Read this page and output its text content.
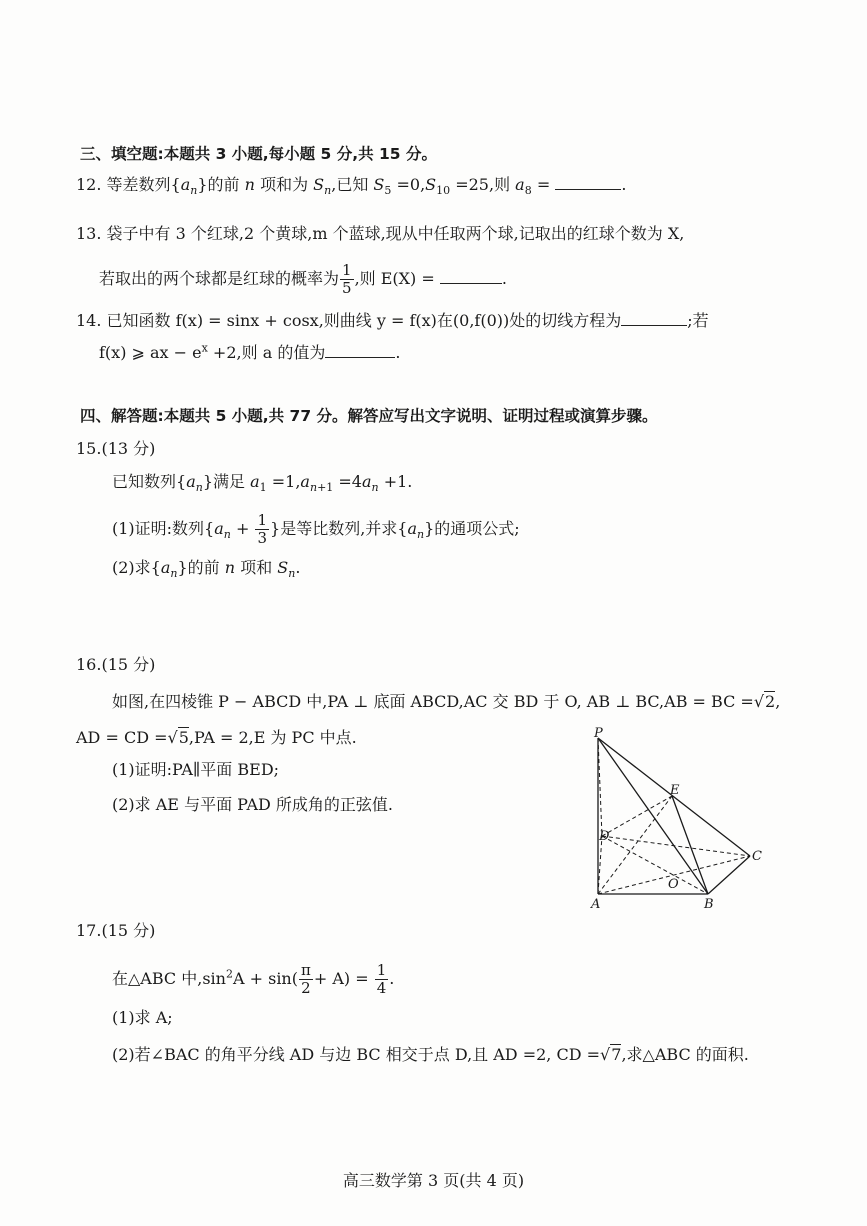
三、填空题:本题共 3 小题,每小题 5 分,共 15 分。
12. 等差数列$\{a_n\}$的前 n 项和为 $S_n$,已知 $S_5 =0,S_{10} =25$,则 $a_8$ =	.
13. 袋子中有 3 个红球,2 个黄球,m 个蓝球,现从中任取两个球,记取出的红球个数为 X,
若取出的两个球都是红球的概率为 $\frac{1}{5}$ ,则 E(X) =	.
14. 已知函数 f(x) = sinx + cosx,则曲线 y = f(x)在(0,f(0))处的切线方程为	;若
f(x) ⩾ ax − $e^x +2$,则 a 的值为	.
四、解答题:本题共 5 小题,共 77 分。解答应写出文字说明、证明过程或演算步骤。
15.(13 分)
已知数列$\{a_n\}$满足 $a_1 =1,a_{n+1} =4a_n +1$.
(1)证明:数列{$a_n + \frac{1}{3}$ }是等比数列,并求$\{a_n\}$的通项公式;
(2)求$\{a_n\}$的前 n 项和 $S_n$.
16.(15 分)
如图,在四棱锥 P − ABCD 中,PA ⊥ 底面 ABCD,AC 交 BD 于 O, AB ⊥ BC,AB = BC =√2,
AD = CD =√5,PA = 2,E 为 PC 中点.
(1)证明:PA∥平面 BED;
(2)求 AE 与平面 PAD 所成角的正弦值.
P
E
D
C
O
A	B
17.(15 分)
在△ABC 中$,\sin^2A + \sin( \frac{\pi}{2} + A) = \frac{1}{4}$ .
(1)求 A;
(2)若∠BAC 的角平分线 AD 与边 BC 相交于点 D,且 AD =2, CD =√7,求△ABC 的面积.
高三数学第 3 页(共 4 页)
